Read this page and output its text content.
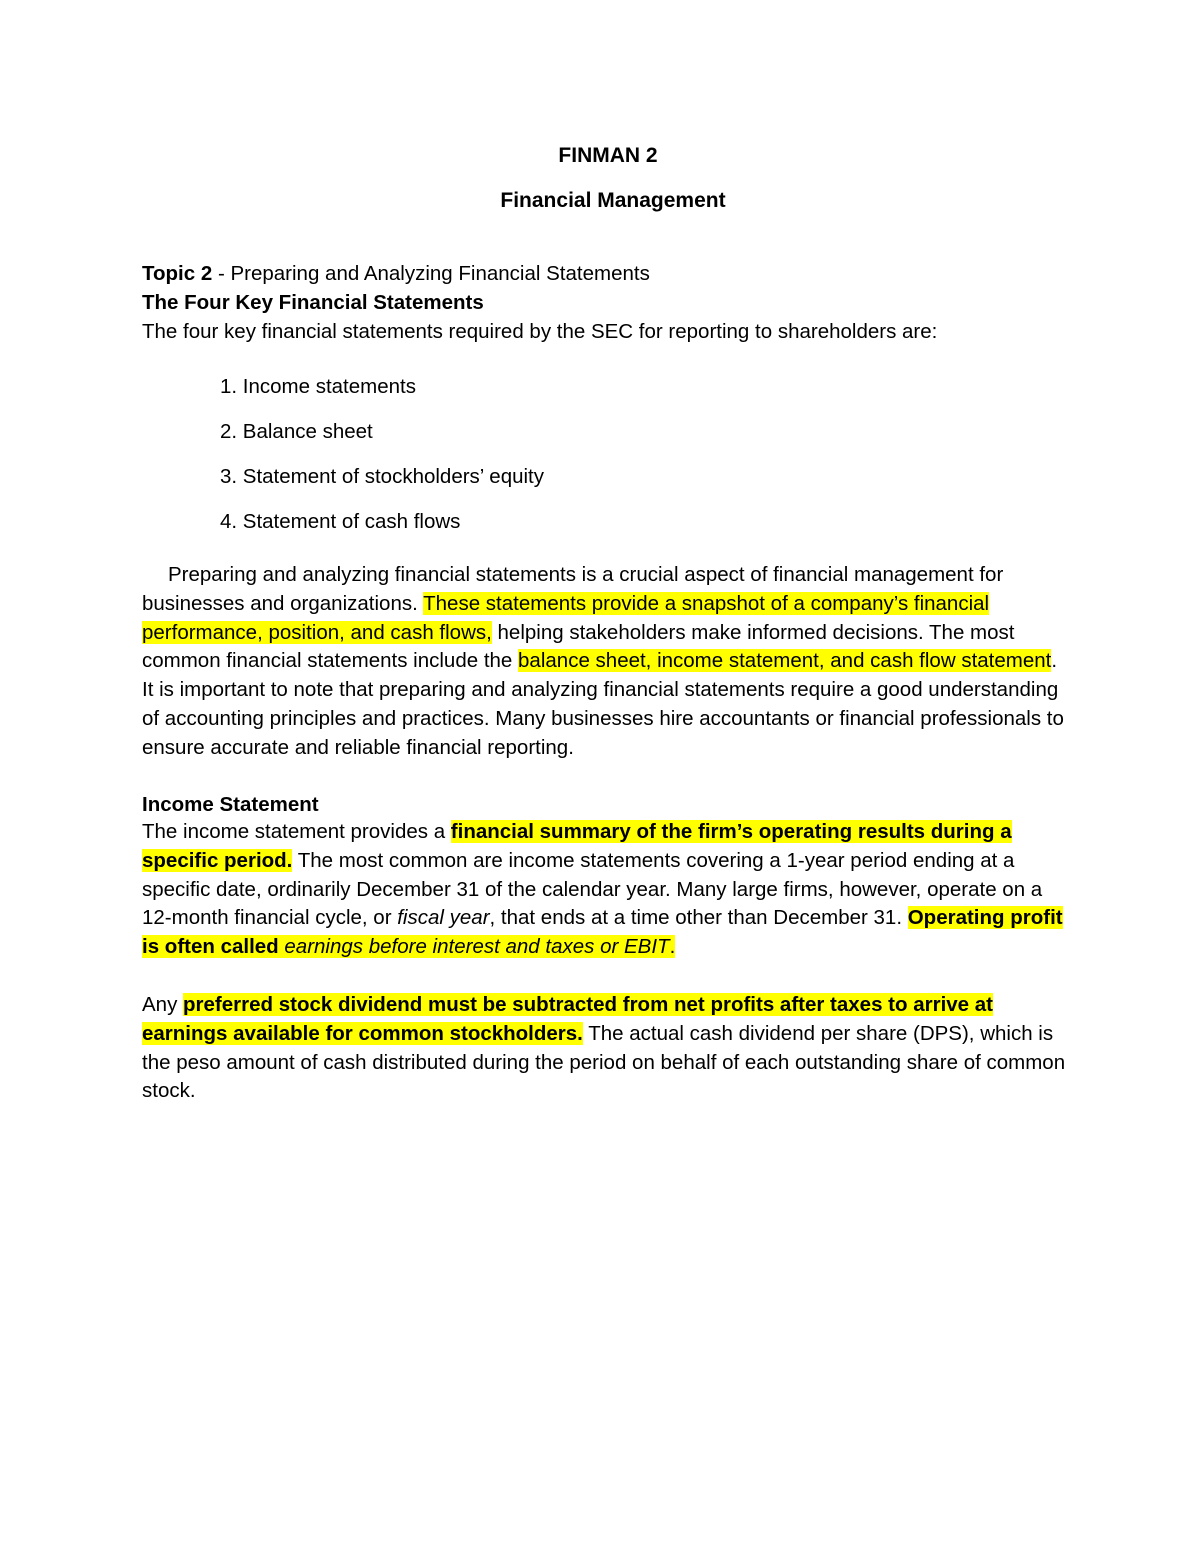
FINMAN 2
Financial Management
Topic 2 - Preparing and Analyzing Financial Statements
The Four Key Financial Statements
The four key financial statements required by the SEC for reporting to shareholders are:
1. Income statements
2. Balance sheet
3. Statement of stockholders’ equity
4. Statement of cash flows

Preparing and analyzing financial statements is a crucial aspect of financial management for businesses and organizations. These statements provide a snapshot of a company’s financial performance, position, and cash flows, helping stakeholders make informed decisions. The most common financial statements include the balance sheet, income statement, and cash flow statement. It is important to note that preparing and analyzing financial statements require a good understanding of accounting principles and practices. Many businesses hire accountants or financial professionals to ensure accurate and reliable financial reporting.

Income Statement

The income statement provides a financial summary of the firm’s operating results during a specific period. The most common are income statements covering a 1-year period ending at a specific date, ordinarily December 31 of the calendar year. Many large firms, however, operate on a 12-month financial cycle, or fiscal year, that ends at a time other than December 31. Operating profit is often called earnings before interest and taxes or EBIT.

Any preferred stock dividend must be subtracted from net profits after taxes to arrive at earnings available for common stockholders. The actual cash dividend per share (DPS), which is the peso amount of cash distributed during the period on behalf of each outstanding share of common stock.
